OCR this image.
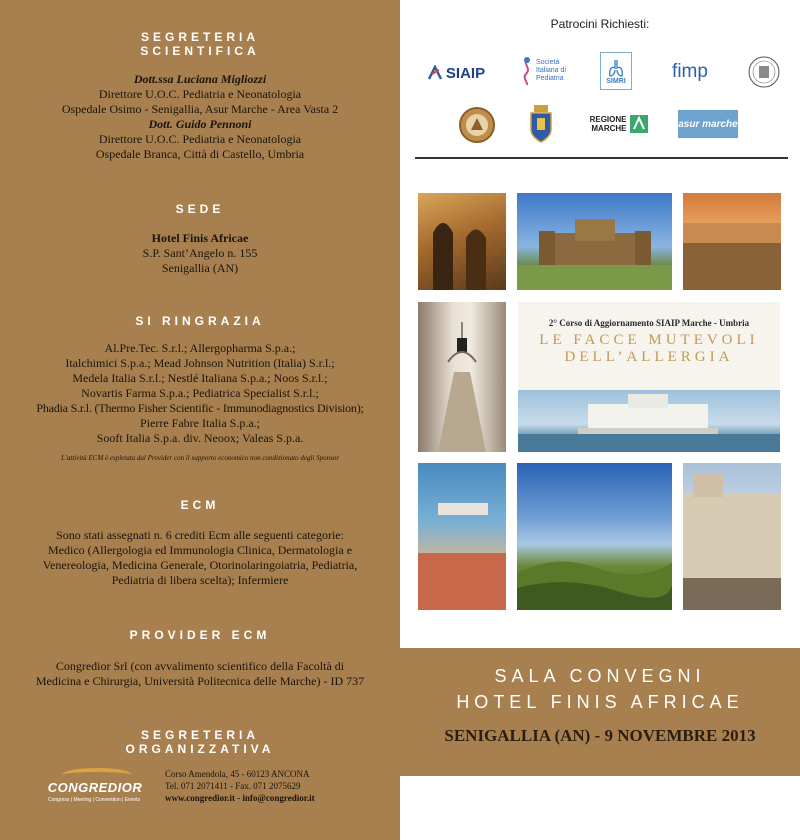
SEGRETERIA
SCIENTIFICA
Dott.ssa Luciana Migliozzi
Direttore U.O.C. Pediatria e Neonatologia
Ospedale Osimo - Senigallia, Asur Marche - Area Vasta 2
Dott. Guido Pennoni
Direttore U.O.C. Pediatria e Neonatologia
Ospedale Branca, Città di Castello, Umbria
SEDE
Hotel Finis Africae
S.P. Sant’Angelo n. 155
Senigallia (AN)
SI RINGRAZIA
Al.Pre.Tec. S.r.l.; Allergopharma S.p.a.;
Italchimici S.p.a.; Mead Johnson Nutrition (Italia) S.r.l.;
Medela Italia S.r.l.; Nestlé Italiana S.p.a.; Noos S.r.l.;
Novartis Farma S.p.a.; Pediatrica Specialist S.r.l.;
Phadia S.r.l. (Thermo Fisher Scientific - Immunodiagnostics Division);
Pierre Fabre Italia S.p.a.;
Sooft Italia S.p.a. div. Neoox; Valeas S.p.a.
L’attività ECM è espletata dal Provider con il supporto economico non condizionato degli Sponsor
ECM
Sono stati assegnati n. 6 crediti Ecm alle seguenti categorie:
Medico (Allergologia ed Immunologia Clinica, Dermatologia e
Venereologia, Medicina Generale, Otorinolaringoiatria, Pediatria,
Pediatria di libera scelta); Infermiere
PROVIDER ECM
Congredior Srl (con avvalimento scientifico della Facoltà di
Medicina e Chirurgia, Università Politecnica delle Marche) - ID 737
SEGRETERIA
ORGANIZZATIVA
CONGREDIOR
Congress | Meeting | Convention | Events
Corso Amendola, 45 - 60123 ANCONA
Tel. 071 2071411 - Fax. 071 2075629
www.congredior.it - info@congredior.it
Patrocini Richiesti:
SIAIP
Società Italiana di Pediatria	SIMRI	fimp
REGIONE MARCHE	asur marche
2° Corso di Aggiornamento SIAIP Marche - Umbria
LE FACCE MUTEVOLI
DELL’ALLERGIA
SALA CONVEGNI
HOTEL FINIS AFRICAE
SENIGALLIA (AN) - 9 NOVEMBRE 2013
